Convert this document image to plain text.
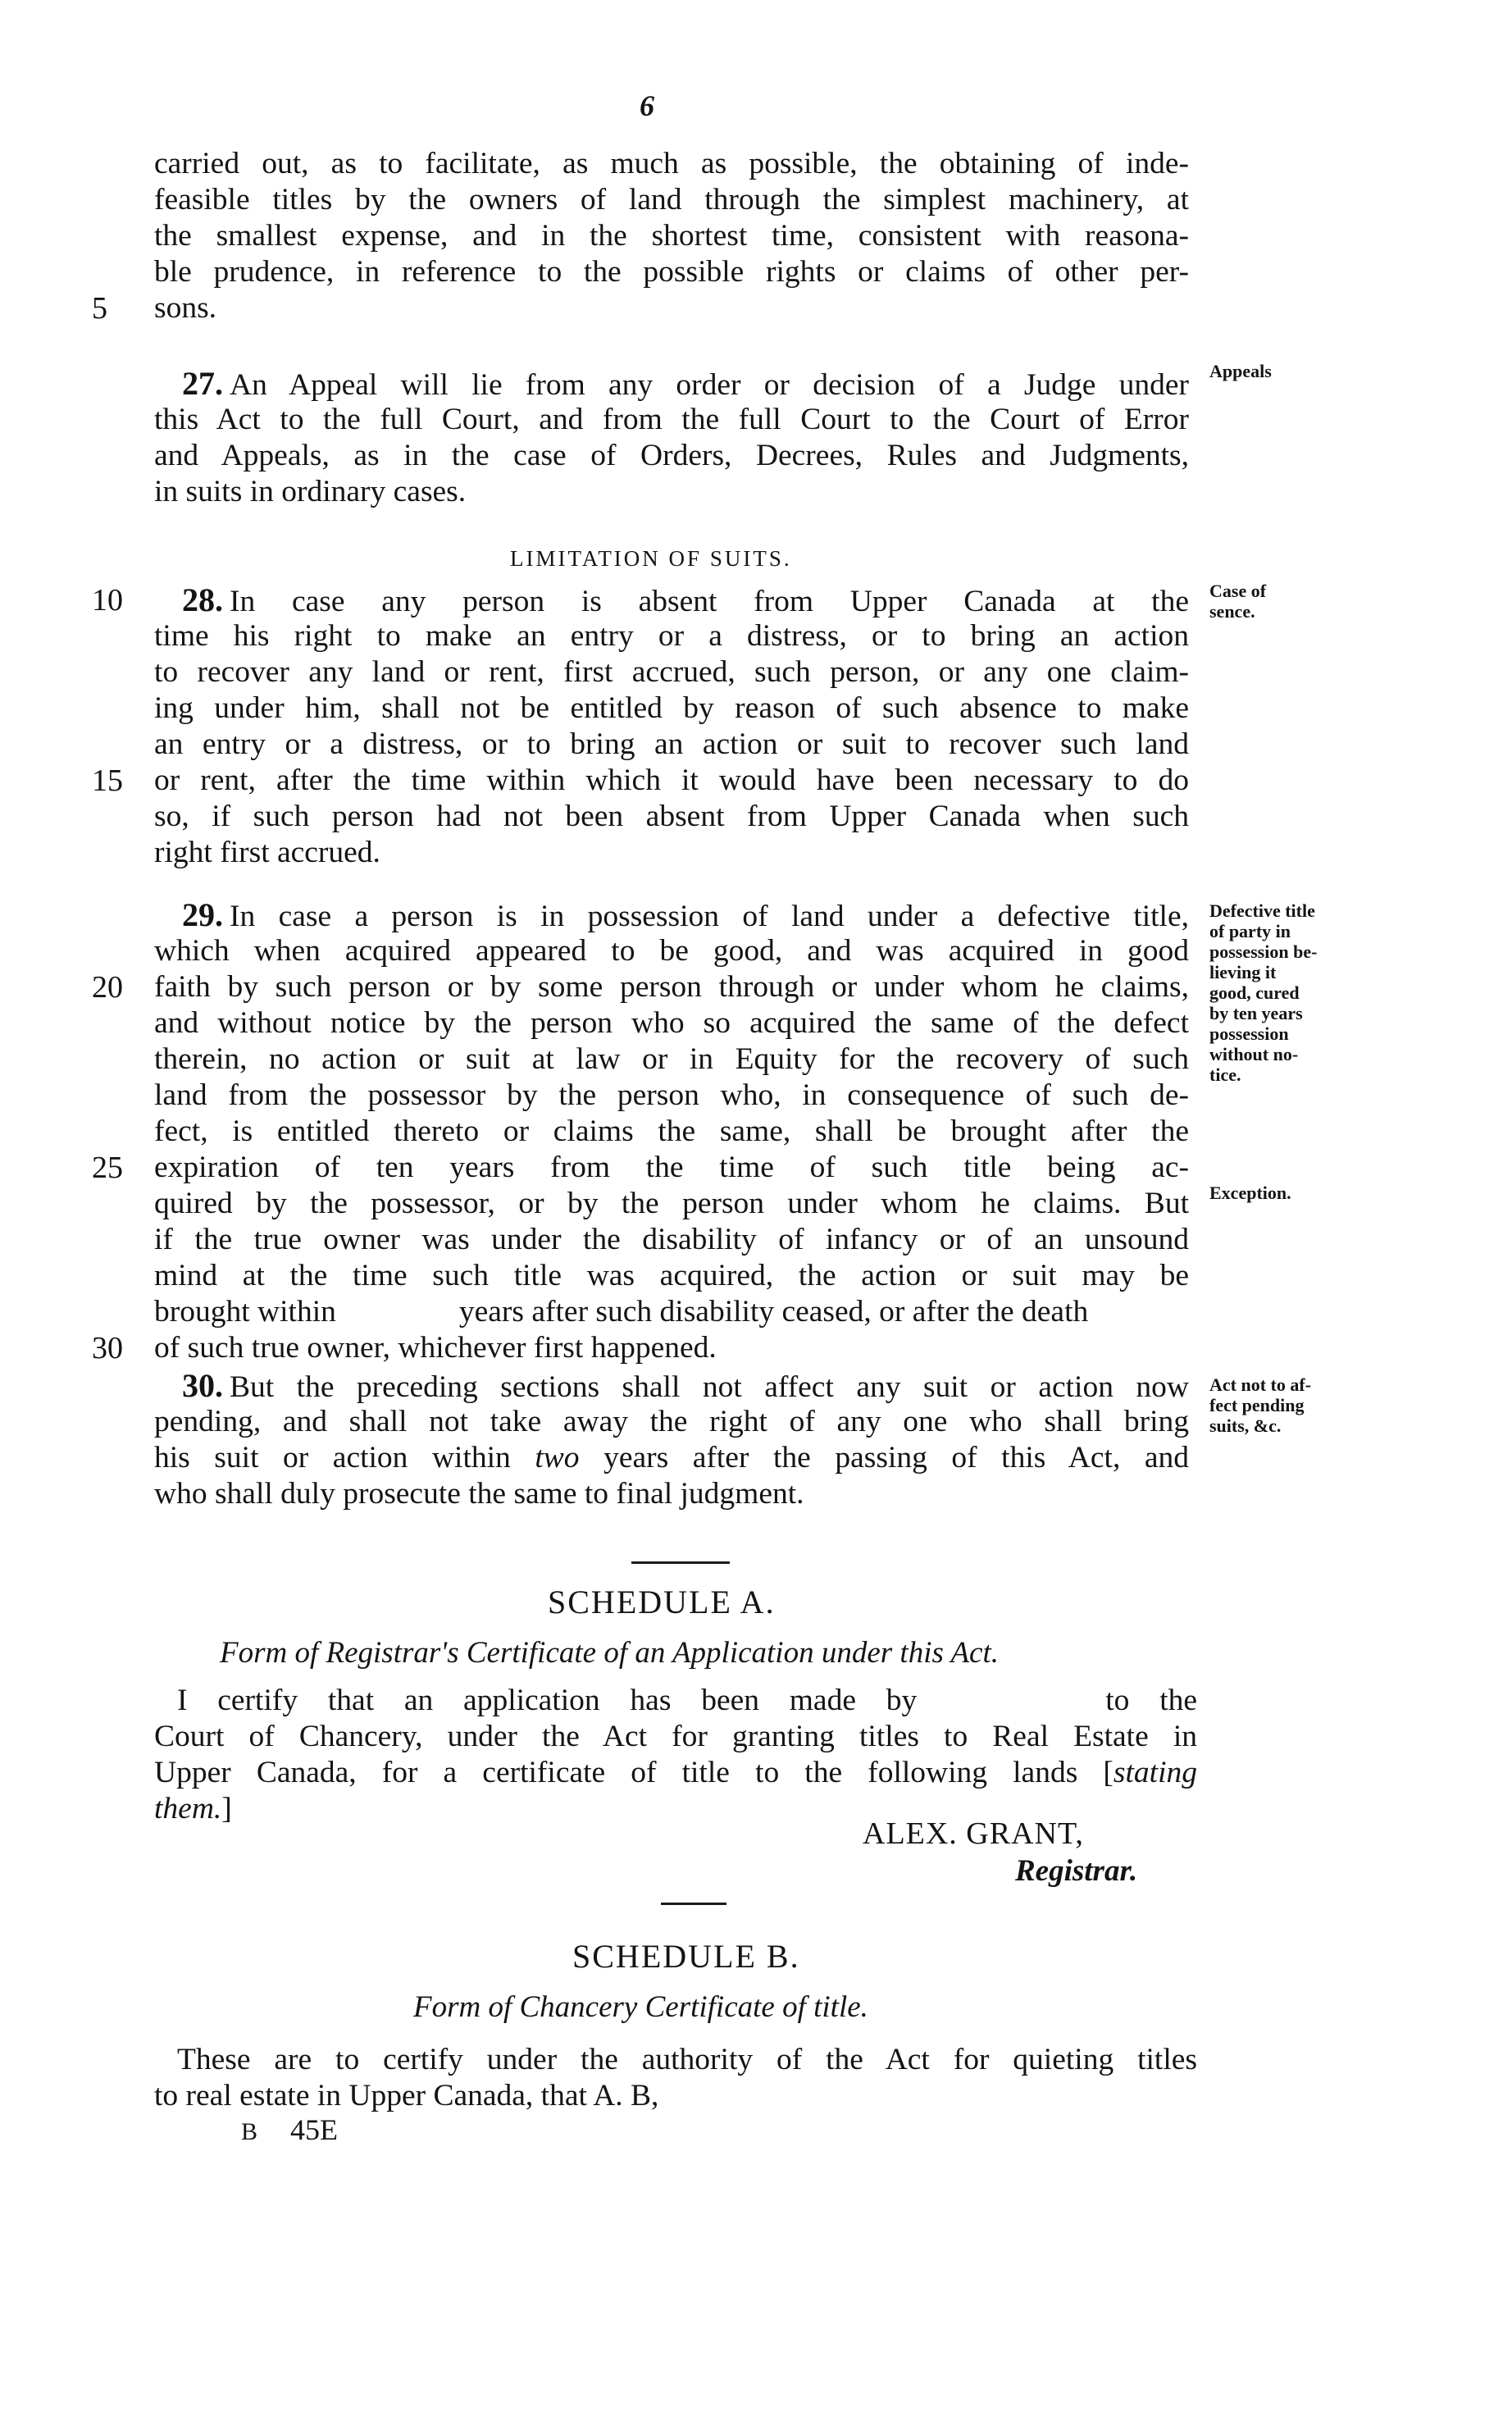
6
carried out, as to facilitate, as much as possible, the obtaining of inde-
feasible titles by the owners of land through the simplest machinery, at
the smallest expense, and in the shortest time, consistent with reasona-
ble prudence, in reference to the possible rights or claims of other per-
sons.
27. An Appeal will lie from any order or decision of a Judge under
this Act to the full Court, and from the full Court to the Court of Error
and Appeals, as in the case of Orders, Decrees, Rules and Judgments,
in suits in ordinary cases.
Appeals
LIMITATION OF SUITS.
28. In case any person is absent from Upper Canada at the
time his right to make an entry or a distress, or to bring an action
to recover any land or rent, first accrued, such person, or any one claim-
ing under him, shall not be entitled by reason of such absence to make
an entry or a distress, or to bring an action or suit to recover such land
or rent, after the time within which it would have been necessary to do
so, if such person had not been absent from Upper Canada when such
right first accrued.
Case of
sence.
29. In case a person is in possession of land under a defective title,
which when acquired appeared to be good, and was acquired in good
faith by such person or by some person through or under whom he claims,
and without notice by the person who so acquired the same of the defect
therein, no action or suit at law or in Equity for the recovery of such
land from the possessor by the person who, in consequence of such de-
fect, is entitled thereto or claims the same, shall be brought after the
expiration of ten years from the time of such title being ac-
quired by the possessor, or by the person under whom he claims. But
if the true owner was under the disability of infancy or of an unsound
mind at the time such title was acquired, the action or suit may be
brought within	years after such disability ceased, or after the death
of such true owner, whichever first happened.
Defective title
of party in
possession be-
lieving it
good, cured
by ten years
possession
without no-
tice.
Exception.
30. But the preceding sections shall not affect any suit or action now
pending, and shall not take away the right of any one who shall bring
his suit or action within two years after the passing of this Act, and
who shall duly prosecute the same to final judgment.
Act not to af-
fect pending
suits, &c.
5
10
15
20
25
30
SCHEDULE A.
Form of Registrar's Certificate of an Application under this Act.
I certify that an application has been made by	to the
Court of Chancery, under the Act for granting titles to Real Estate in
Upper Canada, for a certificate of title to the following lands [stating
them.]
ALEX. GRANT,
Registrar.
SCHEDULE B.
Form of Chancery Certificate of title.
These are to certify under the authority of the Act for quieting titles
to real estate in Upper Canada, that A. B,
B 45E
